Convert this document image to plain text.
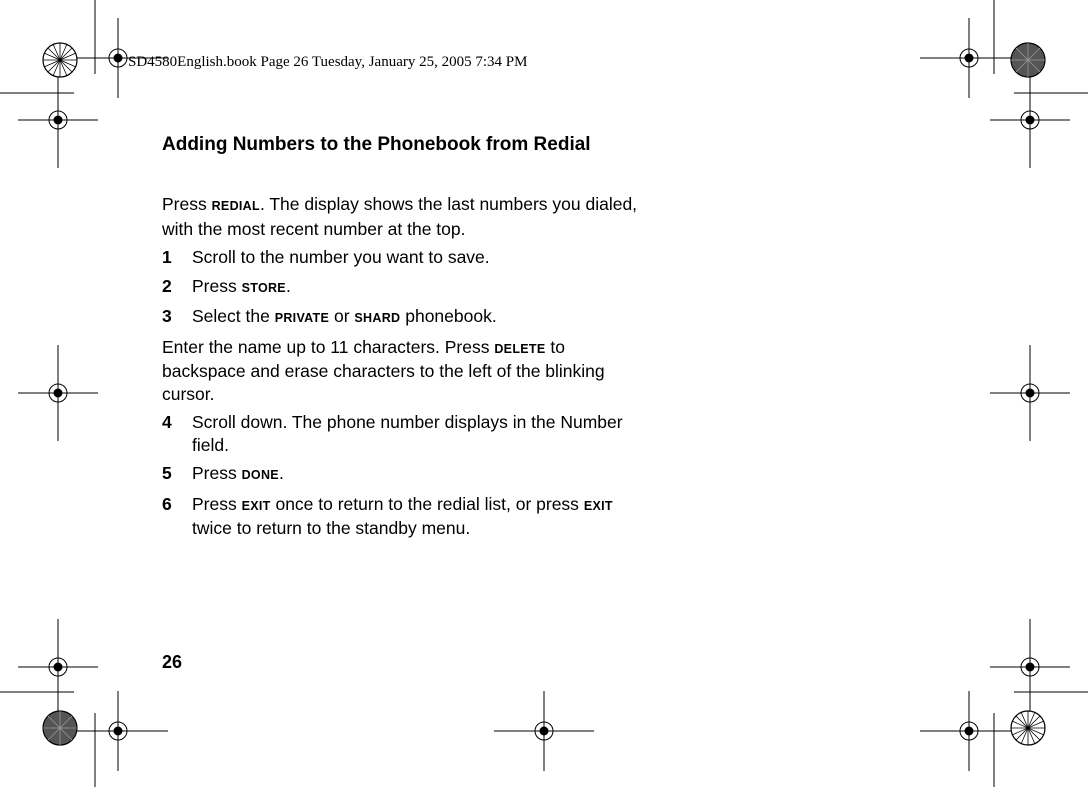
SD4580English.book Page 26 Tuesday, January 25, 2005 7:34 PM
Adding Numbers to the Phonebook from Redial

Press REDIAL. The display shows the last numbers you dialed, with the most recent number at the top.

1 Scroll to the number you want to save.
2 Press STORE.
3 Select the PRIVATE or SHARD phonebook.

Enter the name up to 11 characters. Press DELETE to backspace and erase characters to the left of the blinking cursor.

4 Scroll down. The phone number displays in the Number field.
5 Press DONE.
6 Press EXIT once to return to the redial list, or press EXIT twice to return to the standby menu.
26
